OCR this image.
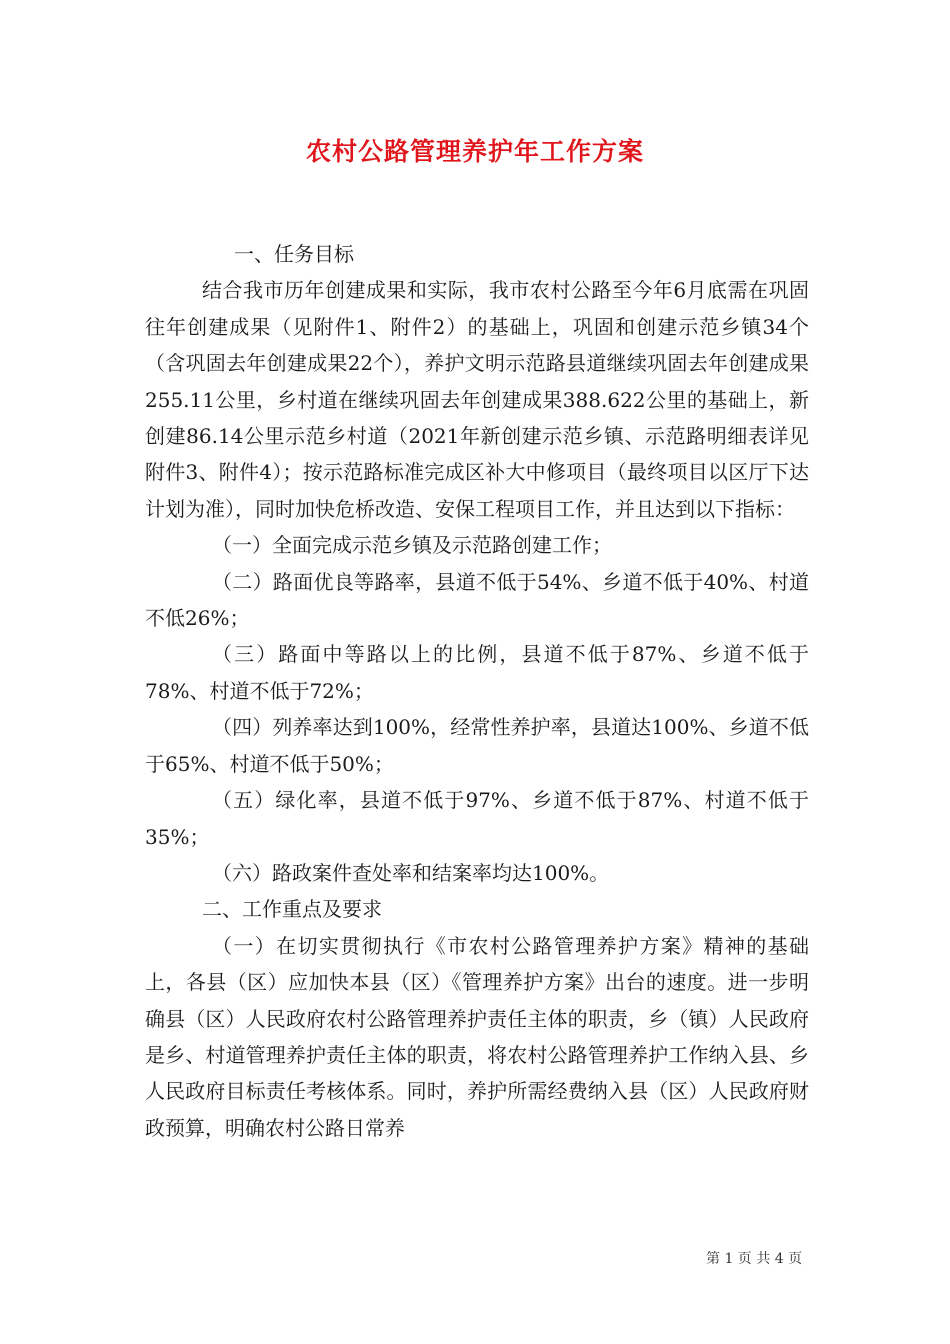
农村公路管理养护年工作方案

一、任务目标

结合我市历年创建成果和实际，我市农村公路至今年6月底需在巩固往年创建成果（见附件1、附件2）的基础上，巩固和创建示范乡镇34个（含巩固去年创建成果22个），养护文明示范路县道继续巩固去年创建成果255.11公里，乡村道在继续巩固去年创建成果388.622公里的基础上，新创建86.14公里示范乡村道（2021年新创建示范乡镇、示范路明细表详见附件3、附件4）；按示范路标准完成区补大中修项目（最终项目以区厅下达计划为准），同时加快危桥改造、安保工程项目工作，并且达到以下指标：

（一）全面完成示范乡镇及示范路创建工作；

（二）路面优良等路率，县道不低于54%、乡道不低于40%、村道不低26%；

（三）路面中等路以上的比例，县道不低于87%、乡道不低于78%、村道不低于72%；

（四）列养率达到100%，经常性养护率，县道达100%、乡道不低于65%、村道不低于50%；

（五）绿化率，县道不低于97%、乡道不低于87%、村道不低于35%；

（六）路政案件查处率和结案率均达100%。

二、工作重点及要求

（一）在切实贯彻执行《市农村公路管理养护方案》精神的基础上，各县（区）应加快本县（区）《管理养护方案》出台的速度。进一步明确县（区）人民政府农村公路管理养护责任主体的职责，乡（镇）人民政府是乡、村道管理养护责任主体的职责，将农村公路管理养护工作纳入县、乡人民政府目标责任考核体系。同时，养护所需经费纳入县（区）人民政府财政预算，明确农村公路日常养

第 1 页 共 4 页
